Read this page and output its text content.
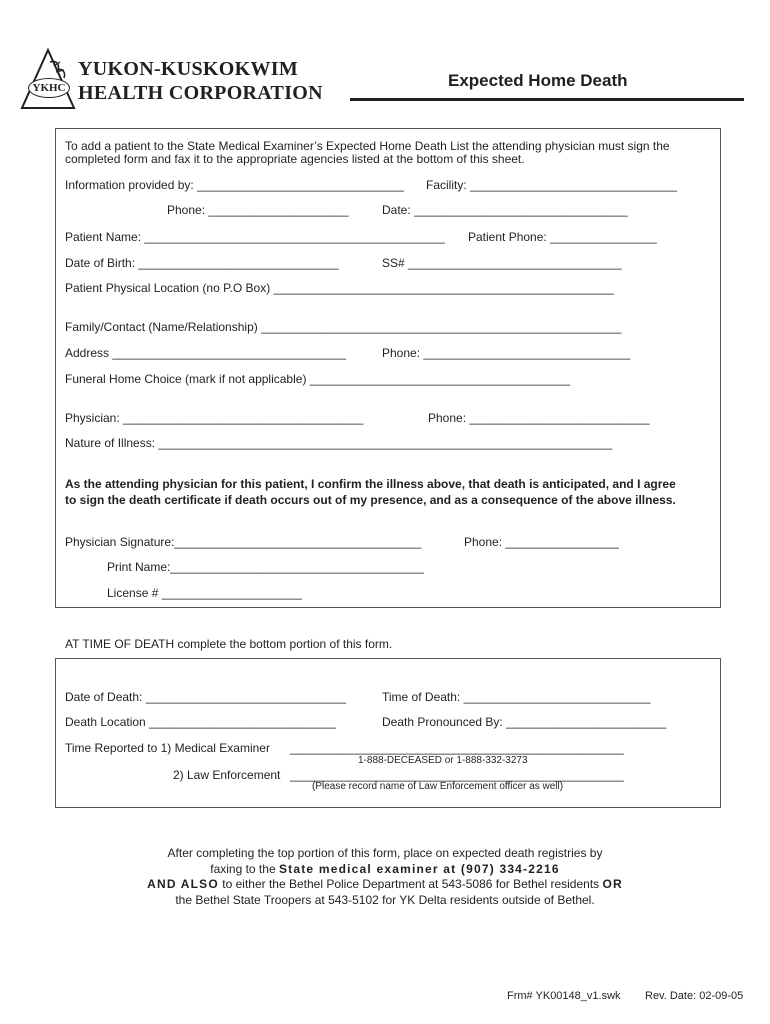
YKHC
YUKON-KUSKOKWIM
HEALTH CORPORATION
Expected Home Death
To add a patient to the State Medical Examiner’s Expected Home Death List the attending physician must sign the
completed form and fax it to the appropriate agencies listed at the bottom of this sheet.
Information provided by: _______________________________ Facility: _______________________________
Phone: _____________________	Date: ________________________________
Patient Name: _____________________________________________ Patient Phone: ________________
Date of Birth: ______________________________	SS# ________________________________
Patient Physical Location (no P.O Box) ___________________________________________________
Family/Contact (Name/Relationship) ______________________________________________________
Address ___________________________________	Phone: _______________________________
Funeral Home Choice (mark if not applicable) _______________________________________
Physician: ____________________________________	Phone: ___________________________
Nature of Illness: ____________________________________________________________________
As the attending physician for this patient, I confirm the illness above, that death is anticipated, and I agree
to sign the death certificate if death occurs out of my presence, and as a consequence of the above illness.
Physician Signature:_____________________________________	Phone: _________________
Print Name:______________________________________
License # _____________________
AT TIME OF DEATH complete the bottom portion of this form.
Date of Death: ______________________________	Time of Death: ____________________________
Death Location ____________________________	Death Pronounced By: ________________________
Time Reported to 1) Medical Examiner __________________________________________________
1-888-DECEASED or 1-888-332-3273
2) Law Enforcement __________________________________________________
(Please record name of Law Enforcement officer as well)
After completing the top portion of this form, place on expected death registries by
faxing to the State medical examiner at (907) 334-2216
AND ALSO to either the Bethel Police Department at 543-5086 for Bethel residents OR
the Bethel State Troopers at 543-5102 for YK Delta residents outside of Bethel.
Frm# YK00148_v1.swk Rev. Date: 02-09-05
